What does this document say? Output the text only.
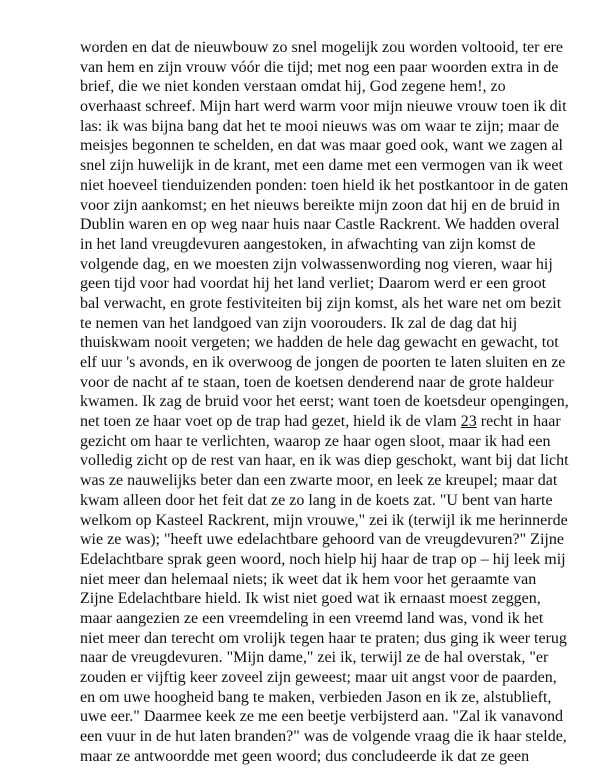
worden en dat de nieuwbouw zo snel mogelijk zou worden voltooid, ter ere
van hem en zijn vrouw vóór die tijd; met nog een paar woorden extra in de
brief, die we niet konden verstaan omdat hij, God zegene hem!, zo
overhaast schreef. Mijn hart werd warm voor mijn nieuwe vrouw toen ik dit
las: ik was bijna bang dat het te mooi nieuws was om waar te zijn; maar de
meisjes begonnen te schelden, en dat was maar goed ook, want we zagen al
snel zijn huwelijk in de krant, met een dame met een vermogen van ik weet
niet hoeveel tienduizenden ponden: toen hield ik het postkantoor in de gaten
voor zijn aankomst; en het nieuws bereikte mijn zoon dat hij en de bruid in
Dublin waren en op weg naar huis naar Castle Rackrent. We hadden overal
in het land vreugdevuren aangestoken, in afwachting van zijn komst de
volgende dag, en we moesten zijn volwassenwording nog vieren, waar hij
geen tijd voor had voordat hij het land verliet; Daarom werd er een groot
bal verwacht, en grote festiviteiten bij zijn komst, als het ware net om bezit
te nemen van het landgoed van zijn voorouders. Ik zal de dag dat hij
thuiskwam nooit vergeten; we hadden de hele dag gewacht en gewacht, tot
elf uur 's avonds, en ik overwoog de jongen de poorten te laten sluiten en ze
voor de nacht af te staan, toen de koetsen denderend naar de grote haldeur
kwamen. Ik zag de bruid voor het eerst; want toen de koetsdeur opengingen,
net toen ze haar voet op de trap had gezet, hield ik de vlam 23 recht in haar
gezicht om haar te verlichten, waarop ze haar ogen sloot, maar ik had een
volledig zicht op de rest van haar, en ik was diep geschokt, want bij dat licht
was ze nauwelijks beter dan een zwarte moor, en leek ze kreupel; maar dat
kwam alleen door het feit dat ze zo lang in de koets zat. "U bent van harte
welkom op Kasteel Rackrent, mijn vrouwe," zei ik (terwijl ik me herinnerde
wie ze was); "heeft uwe edelachtbare gehoord van de vreugdevuren?" Zijne
Edelachtbare sprak geen woord, noch hielp hij haar de trap op – hij leek mij
niet meer dan helemaal niets; ik weet dat ik hem voor het geraamte van
Zijne Edelachtbare hield. Ik wist niet goed wat ik ernaast moest zeggen,
maar aangezien ze een vreemdeling in een vreemd land was, vond ik het
niet meer dan terecht om vrolijk tegen haar te praten; dus ging ik weer terug
naar de vreugdevuren. "Mijn dame," zei ik, terwijl ze de hal overstak, "er
zouden er vijftig keer zoveel zijn geweest; maar uit angst voor de paarden,
en om uwe hoogheid bang te maken, verbieden Jason en ik ze, alstublieft,
uwe eer." Daarmee keek ze me een beetje verbijsterd aan. "Zal ik vanavond
een vuur in de hut laten branden?" was de volgende vraag die ik haar stelde,
maar ze antwoordde met geen woord; dus concludeerde ik dat ze geen
